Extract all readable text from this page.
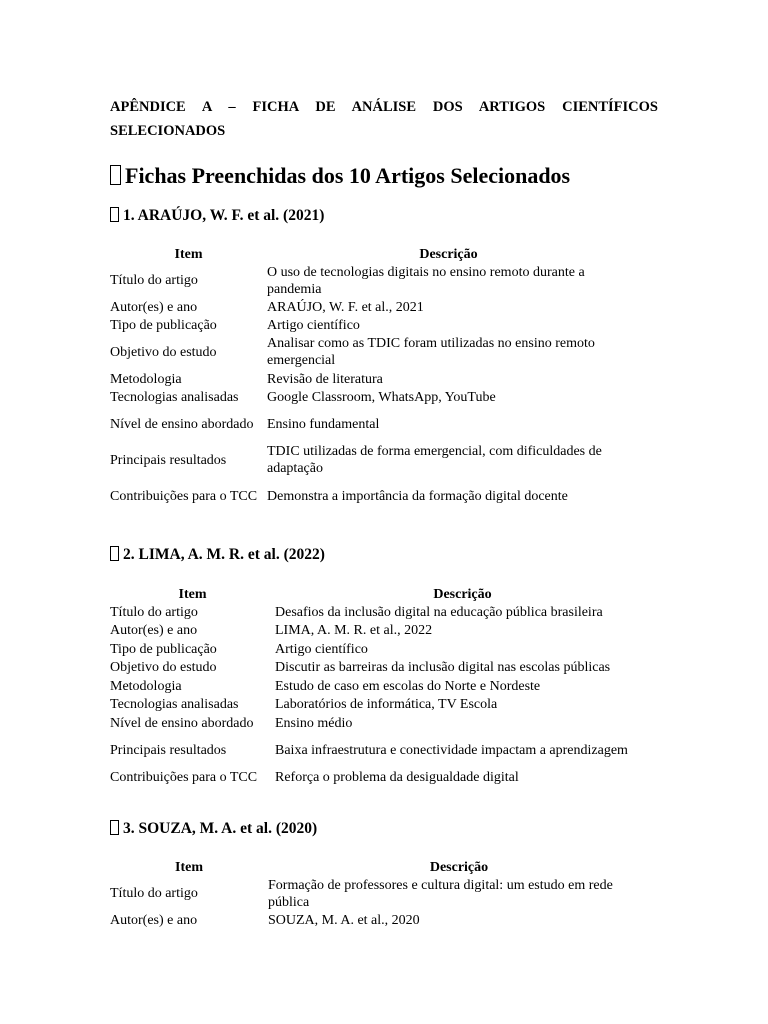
APÊNDICE A – FICHA DE ANÁLISE DOS ARTIGOS CIENTÍFICOS SELECIONADOS
Fichas Preenchidas dos 10 Artigos Selecionados
1. ARAÚJO, W. F. et al. (2021)
Item	Descrição
Título do artigo	O uso de tecnologias digitais no ensino remoto durante a pandemia
Autor(es) e ano	ARAÚJO, W. F. et al., 2021
Tipo de publicação	Artigo científico
Objetivo do estudo	Analisar como as TDIC foram utilizadas no ensino remoto emergencial
Metodologia	Revisão de literatura
Tecnologias analisadas	Google Classroom, WhatsApp, YouTube
Nível de ensino abordado	Ensino fundamental
Principais resultados	TDIC utilizadas de forma emergencial, com dificuldades de adaptação
Contribuições para o TCC	Demonstra a importância da formação digital docente
2. LIMA, A. M. R. et al. (2022)
Item	Descrição
Título do artigo	Desafios da inclusão digital na educação pública brasileira
Autor(es) e ano	LIMA, A. M. R. et al., 2022
Tipo de publicação	Artigo científico
Objetivo do estudo	Discutir as barreiras da inclusão digital nas escolas públicas
Metodologia	Estudo de caso em escolas do Norte e Nordeste
Tecnologias analisadas	Laboratórios de informática, TV Escola
Nível de ensino abordado	Ensino médio
Principais resultados	Baixa infraestrutura e conectividade impactam a aprendizagem
Contribuições para o TCC	Reforça o problema da desigualdade digital
3. SOUZA, M. A. et al. (2020)
Item	Descrição
Título do artigo	Formação de professores e cultura digital: um estudo em rede pública
Autor(es) e ano	SOUZA, M. A. et al., 2020
